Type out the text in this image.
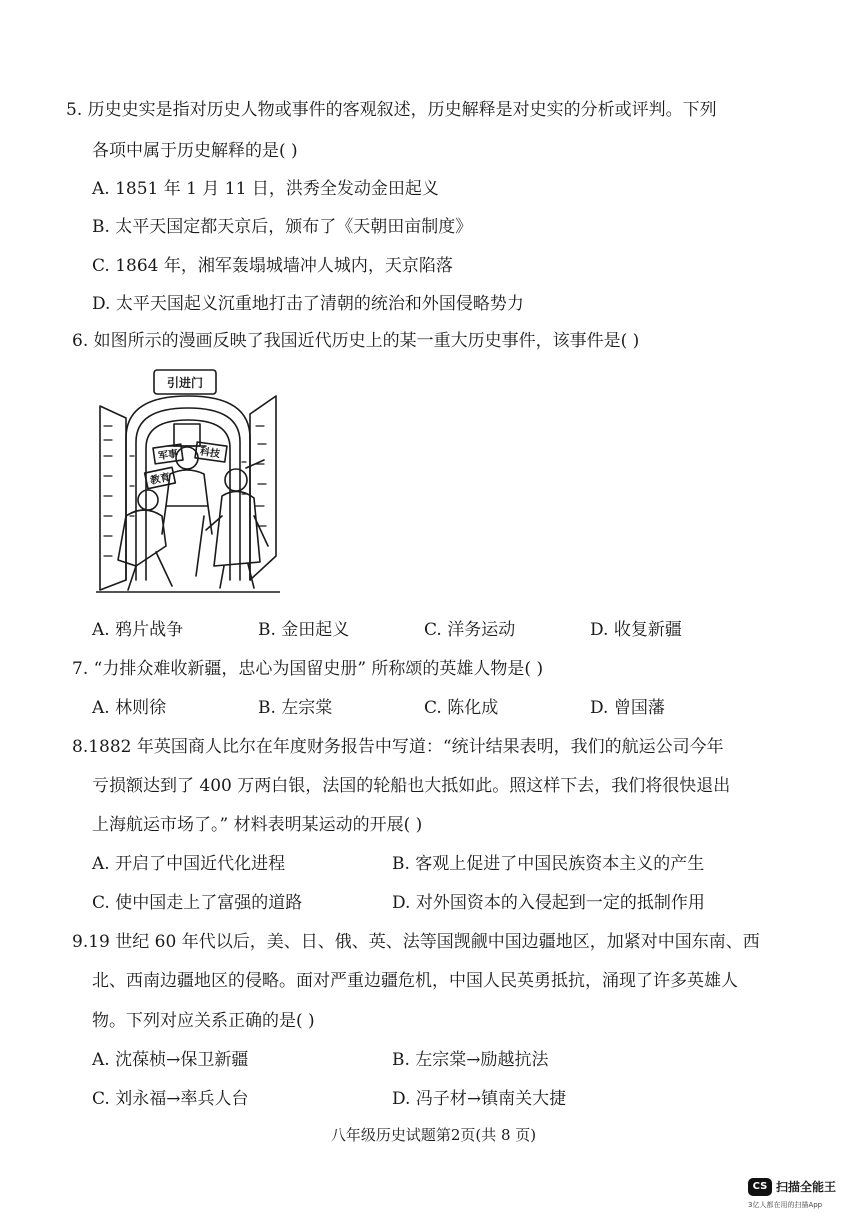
5. 历史史实是指对历史人物或事件的客观叙述，历史解释是对史实的分析或评判。下列
各项中属于历史解释的是( )
A. 1851 年 1 月 11 日，洪秀全发动金田起义
B. 太平天国定都天京后，颁布了《天朝田亩制度》
C. 1864 年，湘军轰塌城墙冲人城内，天京陷落
D. 太平天国起义沉重地打击了清朝的统治和外国侵略势力
6. 如图所示的漫画反映了我国近代历史上的某一重大历史事件，该事件是( )
引进门
军事 科技
教育
A. 鸦片战争	B. 金田起义	C. 洋务运动	D. 收复新疆
7. “力排众难收新疆，忠心为国留史册” 所称颂的英雄人物是( )
A. 林则徐	B. 左宗棠	C. 陈化成	D. 曾国藩
8.1882 年英国商人比尔在年度财务报告中写道：“统计结果表明，我们的航运公司今年
亏损额达到了 400 万两白银，法国的轮船也大抵如此。照这样下去，我们将很快退出
上海航运市场了。” 材料表明某运动的开展( )
A. 开启了中国近代化进程	B. 客观上促进了中国民族资本主义的产生
C. 使中国走上了富强的道路	D. 对外国资本的入侵起到一定的抵制作用
9.19 世纪 60 年代以后，美、日、俄、英、法等国觊觎中国边疆地区，加紧对中国东南、西
北、西南边疆地区的侵略。面对严重边疆危机，中国人民英勇抵抗，涌现了许多英雄人
物。下列对应关系正确的是( )
A. 沈葆桢→保卫新疆	B. 左宗棠→励越抗法
C. 刘永福→率兵人台	D. 冯子材→镇南关大捷
八年级历史试题第2页(共 8 页)
CS 扫描全能王
3亿人都在用的扫描App
